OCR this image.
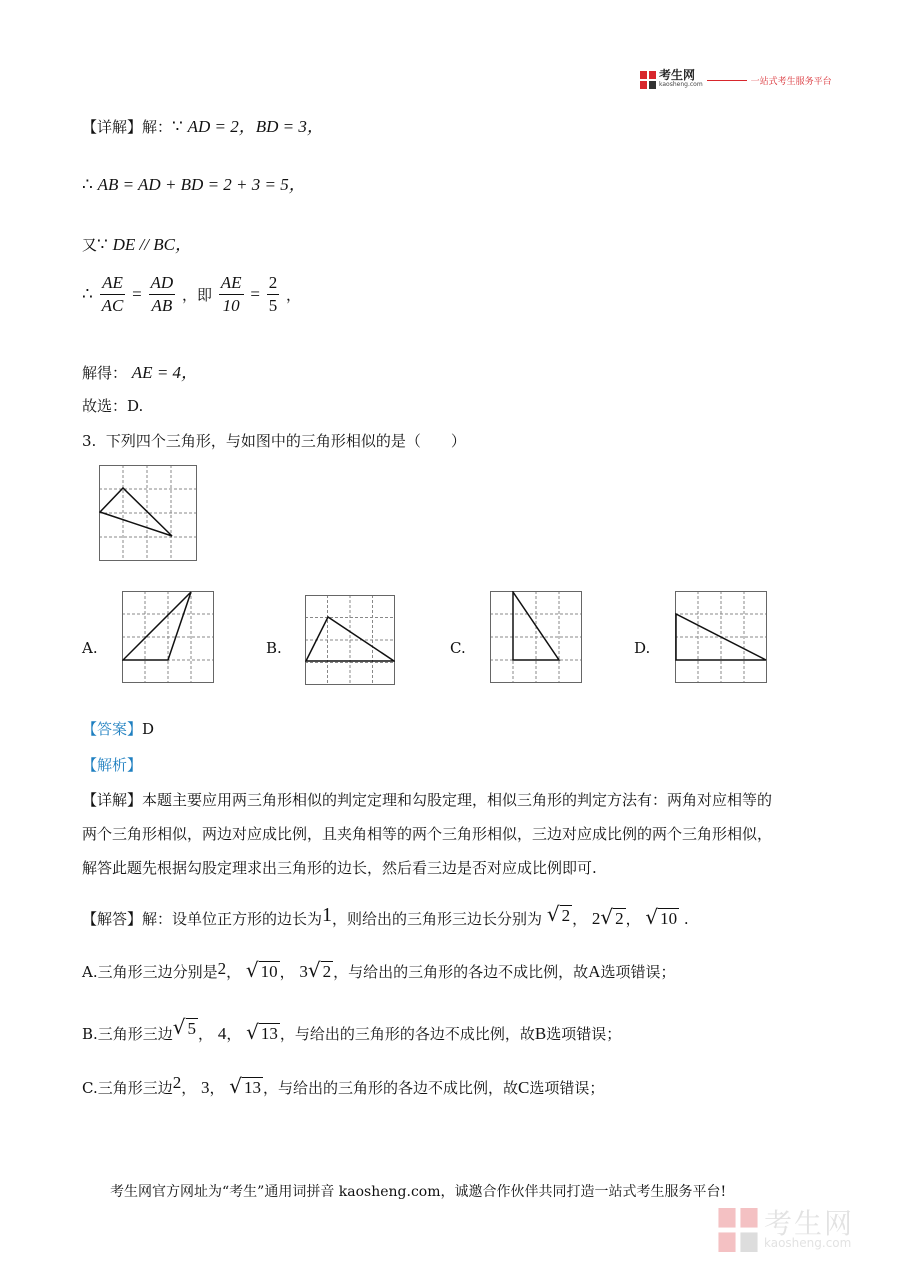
考生网
kaosheng.com	一站式考生服务平台
【详解】解：∵ AD = 2，BD = 3，
∴ AB = AD + BD = 2 + 3 = 5，
又∵ DE // BC，
∴ $\frac{AE}{AC} = \frac{AD}{AB}$ ，即 $\frac{AE}{10} = \frac{2}{5}$ ，
解得： AE = 4，
故选：D.
3. 下列四个三角形，与如图中的三角形相似的是（　　）
A.	B.	C.	D.
【答案】D
【解析】
【详解】本题主要应用两三角形相似的判定定理和勾股定理，相似三角形的判定方法有：两角对应相等的
两个三角形相似，两边对应成比例，且夹角相等的两个三角形相似，三边对应成比例的两个三角形相似，
解答此题先根据勾股定理求出三角形的边长，然后看三边是否对应成比例即可.
【解答】解：设单位正方形的边长为1，则给出的三角形三边长分别为 √ 2 ， 2√ 2 ， √ 10 .
A.三角形三边分别是2， √ 10 ， 3√ 2 ，与给出的三角形的各边不成比例，故A选项错误；
B.三角形三边√ 5 ， 4， √ 13 ，与给出的三角形的各边不成比例，故B选项错误；
C.三角形三边2， 3， √ 13 ，与给出的三角形的各边不成比例，故C选项错误；
考生网官方网址为“考生”通用词拼音 kaosheng.com，诚邀合作伙伴共同打造一站式考生服务平台!
考生网
kaosheng.com
